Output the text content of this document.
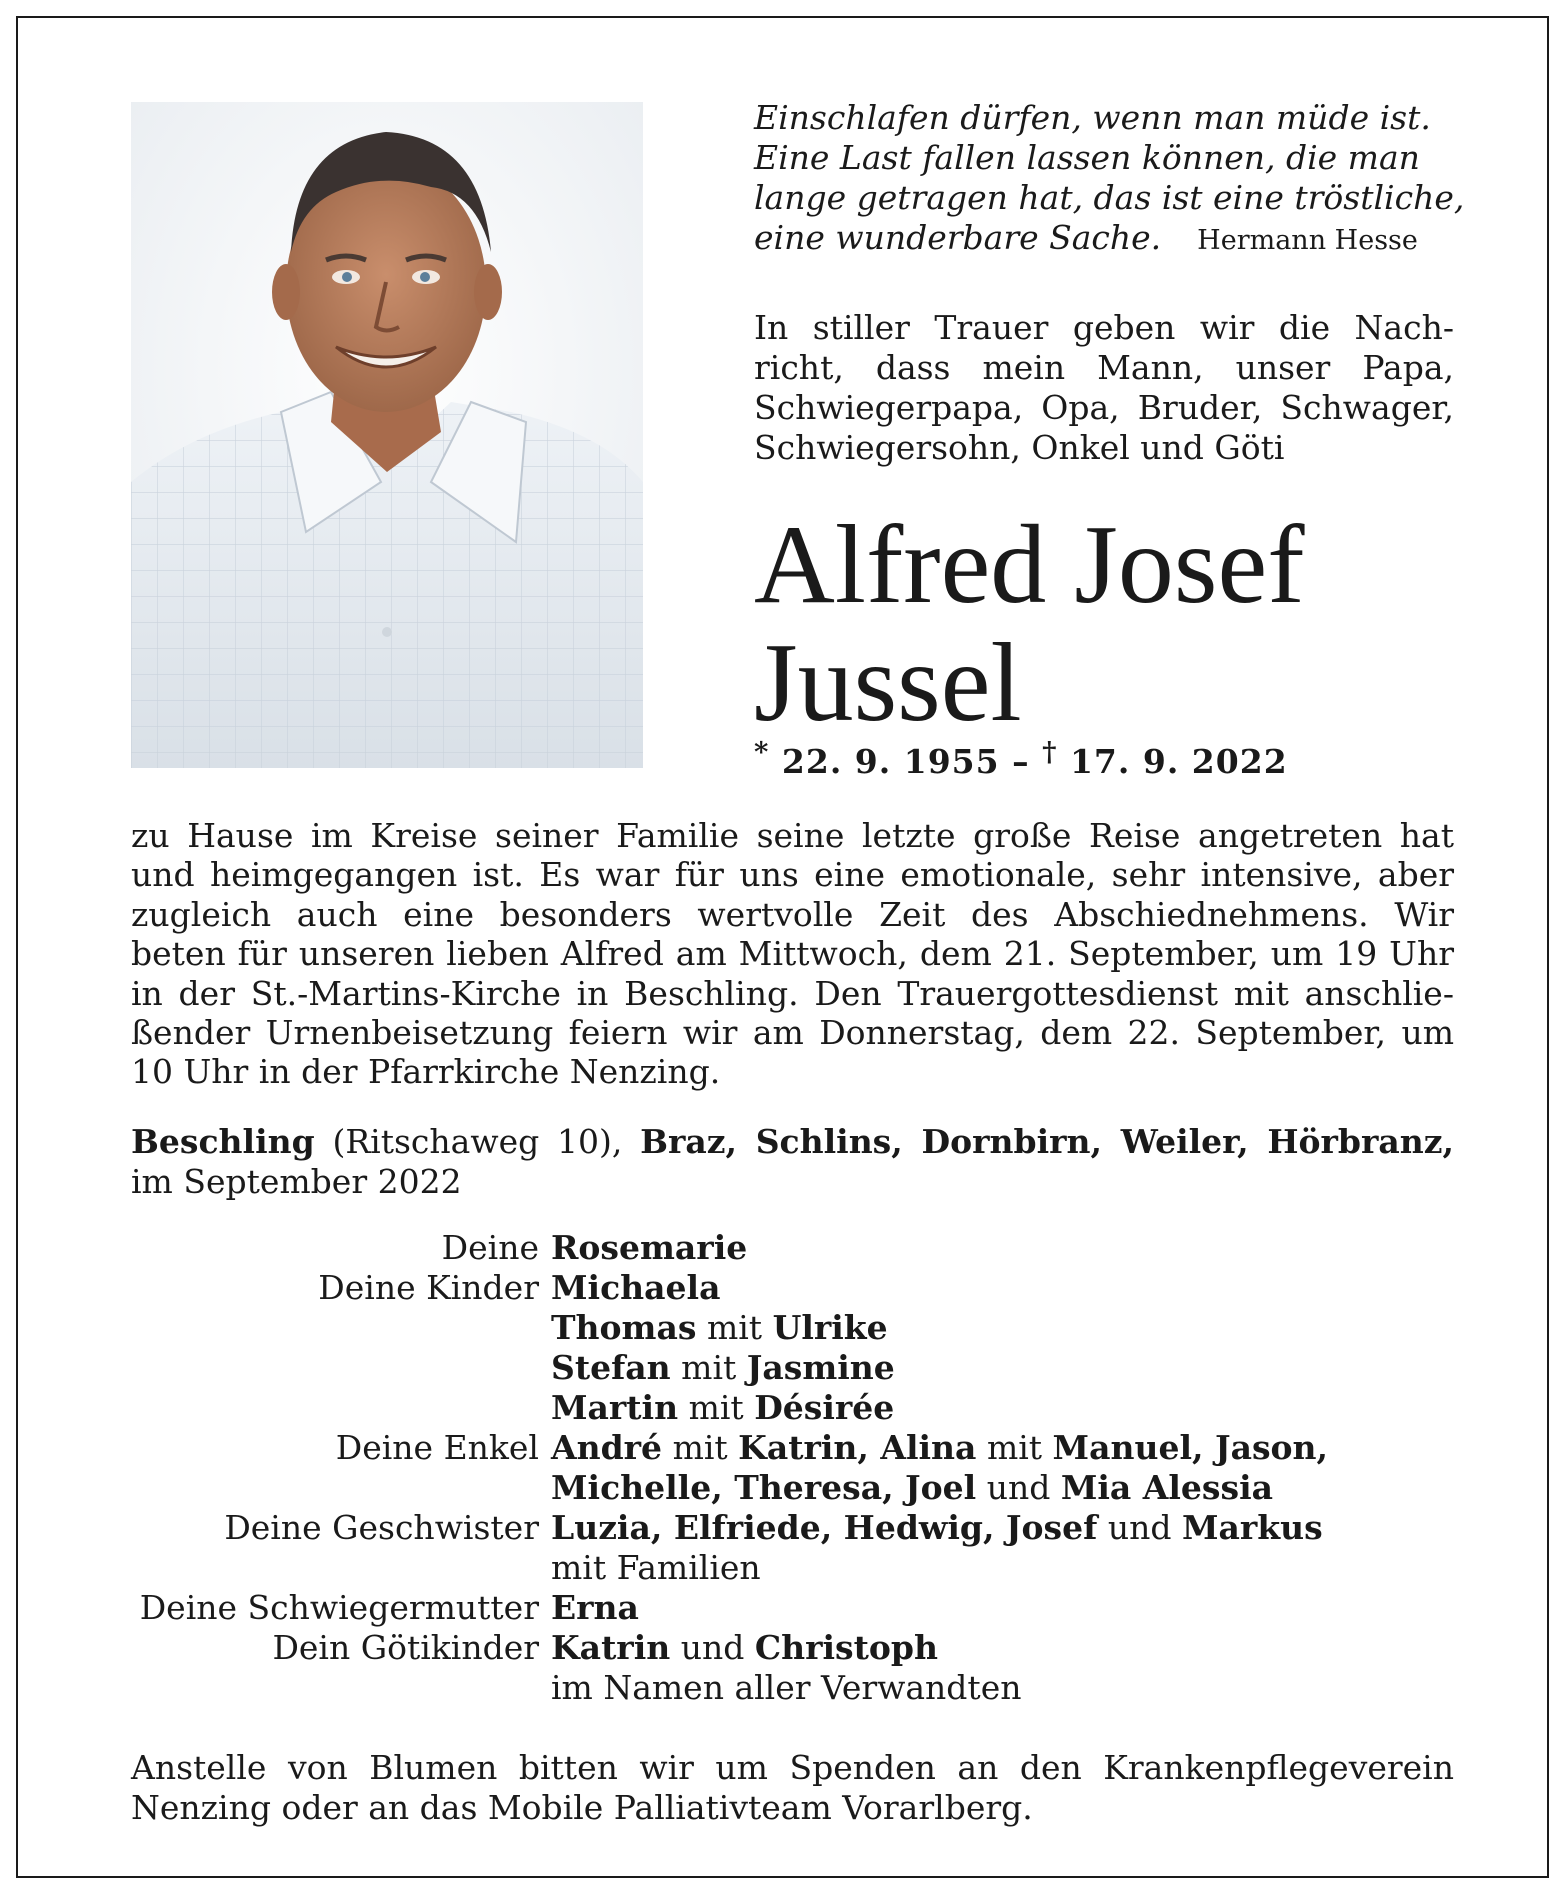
Einschlafen dürfen, wenn man müde ist.
Eine Last fallen lassen können, die man
lange getragen hat, das ist eine tröstliche,
eine wunderbare Sache. Hermann Hesse
In stiller Trauer geben wir die Nach-
richt, dass mein Mann, unser Papa,
Schwiegerpapa, Opa, Bruder, Schwager,
Schwiegersohn, Onkel und Göti
Alfred Josef
Jussel
* 22. 9. 1955 – † 17. 9. 2022
zu Hause im Kreise seiner Familie seine letzte große Reise angetreten hat
und heimgegangen ist. Es war für uns eine emotionale, sehr intensive, aber
zugleich auch eine besonders wertvolle Zeit des Abschiednehmens. Wir
beten für unseren lieben Alfred am Mittwoch, dem 21. September, um 19 Uhr
in der St.-Martins-Kirche in Beschling. Den Trauergottesdienst mit anschlie-
ßender Urnenbeisetzung feiern wir am Donnerstag, dem 22. September, um
10 Uhr in der Pfarrkirche Nenzing.
Beschling (Ritschaweg 10), Braz, Schlins, Dornbirn, Weiler, Hörbranz,
im September 2022
Deine Rosemarie
Deine Kinder Michaela
Thomas mit Ulrike
Stefan mit Jasmine
Martin mit Désirée
Deine Enkel André mit Katrin, Alina mit Manuel, Jason,
Michelle, Theresa, Joel und Mia Alessia
Deine Geschwister Luzia, Elfriede, Hedwig, Josef und Markus
mit Familien
Deine Schwiegermutter Erna
Dein Götikinder Katrin und Christoph
im Namen aller Verwandten
Anstelle von Blumen bitten wir um Spenden an den Krankenpflegeverein
Nenzing oder an das Mobile Palliativteam Vorarlberg.
